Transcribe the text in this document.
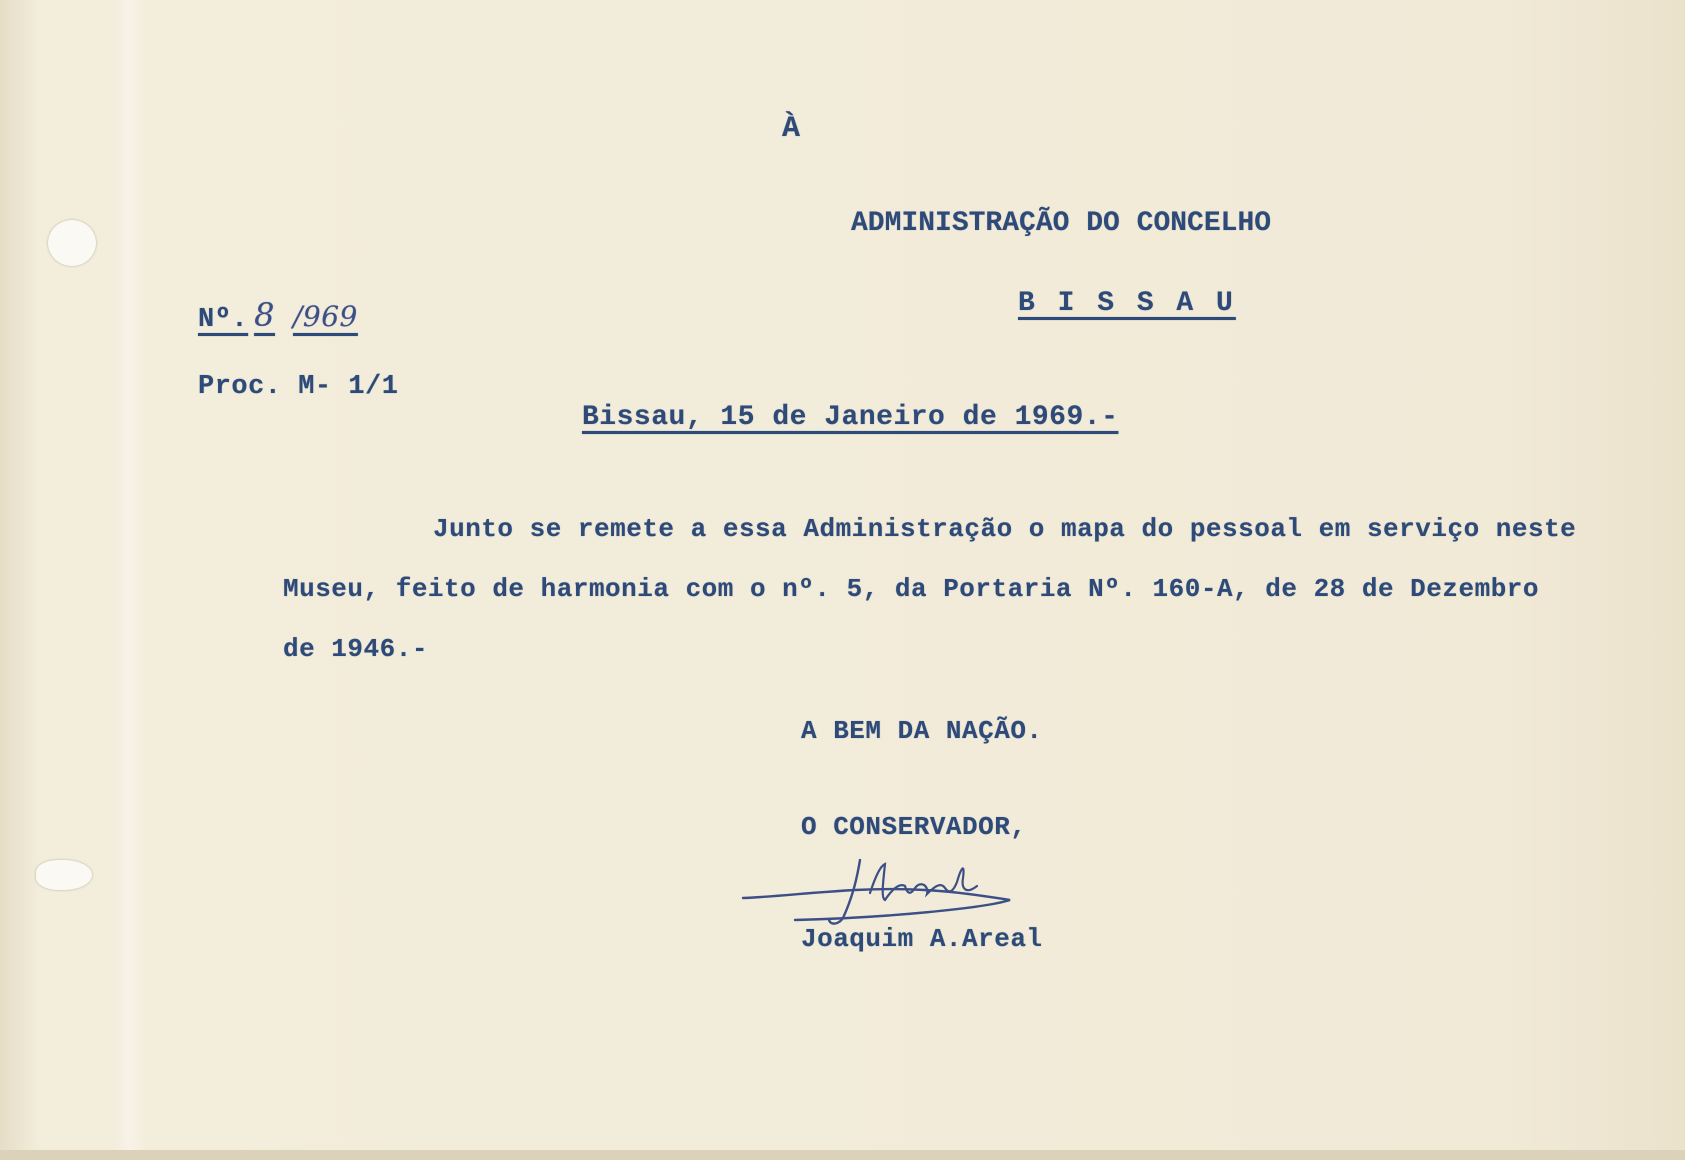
À
ADMINISTRAÇÃO DO CONCELHO
B I S S A U
Nº. 8 /969
Proc. M- 1/1
Bissau, 15 de Janeiro de 1969.-
Junto se remete a essa Administração o mapa do pessoal em serviço neste
Museu, feito de harmonia com o nº. 5, da Portaria Nº. 160-A, de 28 de Dezembro
de 1946.-
A BEM DA NAÇÃO.
O CONSERVADOR,
Joaquim A.Areal
